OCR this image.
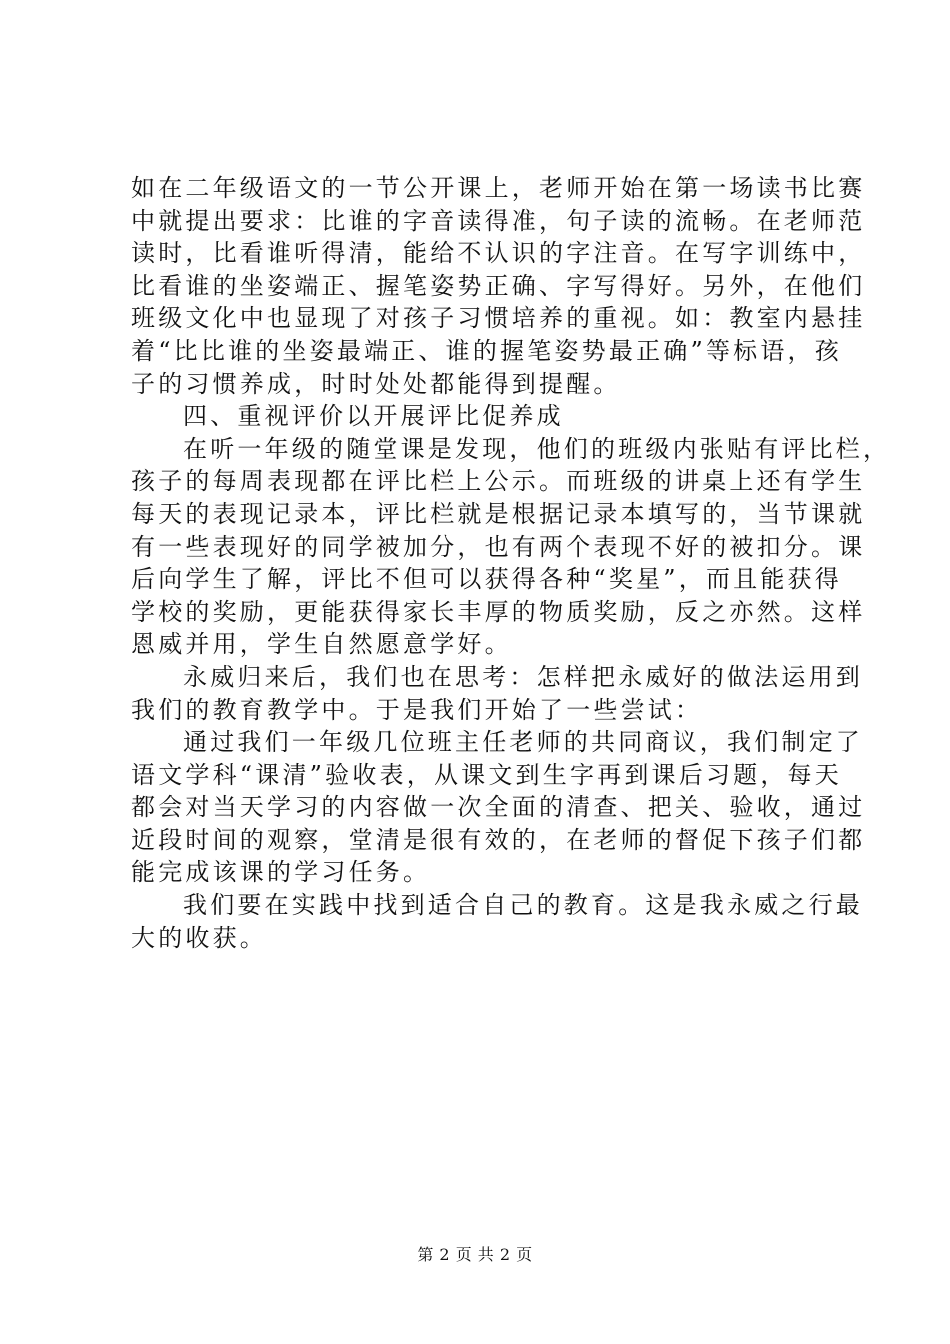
如在二年级语文的一节公开课上，老师开始在第一场读书比赛
中就提出要求：比谁的字音读得准，句子读的流畅。在老师范
读时，比看谁听得清，能给不认识的字注音。在写字训练中，
比看谁的坐姿端正、握笔姿势正确、字写得好。另外，在他们
班级文化中也显现了对孩子习惯培养的重视。如：教室内悬挂
着“比比谁的坐姿最端正、谁的握笔姿势最正确”等标语，孩
子的习惯养成，时时处处都能得到提醒。
四、重视评价以开展评比促养成
在听一年级的随堂课是发现，他们的班级内张贴有评比栏，
孩子的每周表现都在评比栏上公示。而班级的讲桌上还有学生
每天的表现记录本，评比栏就是根据记录本填写的，当节课就
有一些表现好的同学被加分，也有两个表现不好的被扣分。课
后向学生了解，评比不但可以获得各种“奖星”，而且能获得
学校的奖励，更能获得家长丰厚的物质奖励，反之亦然。这样
恩威并用，学生自然愿意学好。
永威归来后，我们也在思考：怎样把永威好的做法运用到
我们的教育教学中。于是我们开始了一些尝试：
通过我们一年级几位班主任老师的共同商议，我们制定了
语文学科“课清”验收表，从课文到生字再到课后习题，每天
都会对当天学习的内容做一次全面的清查、把关、验收，通过
近段时间的观察，堂清是很有效的，在老师的督促下孩子们都
能完成该课的学习任务。
我们要在实践中找到适合自己的教育。这是我永威之行最
大的收获。
第 2 页 共 2 页
